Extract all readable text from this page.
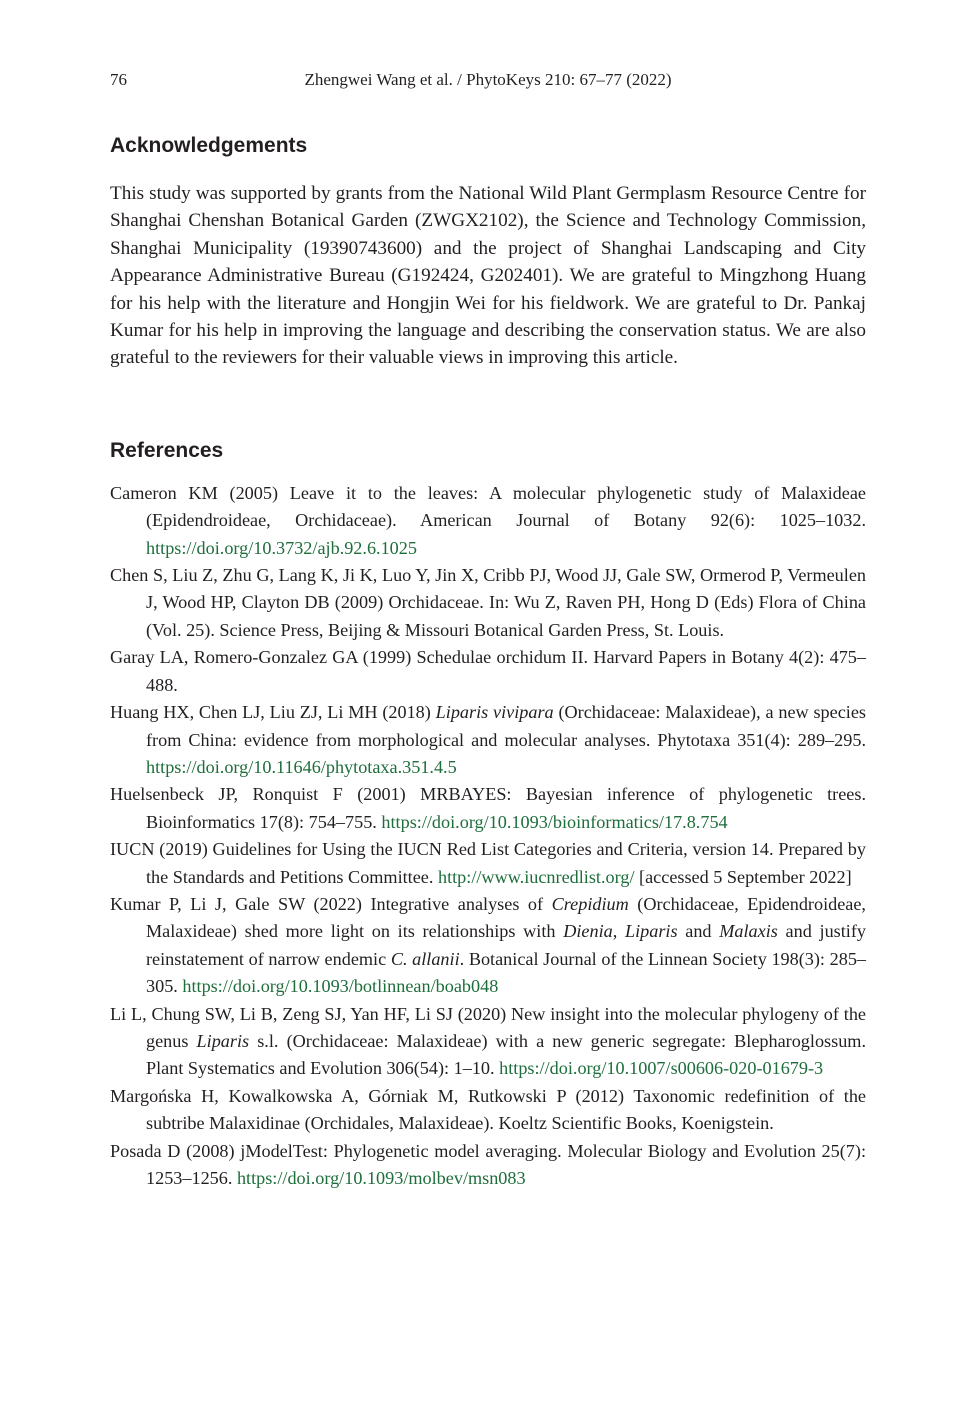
76	Zhengwei Wang et al. / PhytoKeys 210: 67–77 (2022)
Acknowledgements

This study was supported by grants from the National Wild Plant Germplasm Resource Centre for Shanghai Chenshan Botanical Garden (ZWGX2102), the Science and Technology Commission, Shanghai Municipality (19390743600) and the project of Shanghai Landscaping and City Appearance Administrative Bureau (G192424, G202401). We are grateful to Mingzhong Huang for his help with the literature and Hongjin Wei for his fieldwork. We are grateful to Dr. Pankaj Kumar for his help in improving the language and describing the conservation status. We are also grateful to the reviewers for their valuable views in improving this article.

References
Cameron KM (2005) Leave it to the leaves: A molecular phylogenetic study of Malaxideae (Epidendroideae, Orchidaceae). American Journal of Botany 92(6): 1025–1032. https://doi.org/10.3732/ajb.92.6.1025
Chen S, Liu Z, Zhu G, Lang K, Ji K, Luo Y, Jin X, Cribb PJ, Wood JJ, Gale SW, Ormerod P, Vermeulen J, Wood HP, Clayton DB (2009) Orchidaceae. In: Wu Z, Raven PH, Hong D (Eds) Flora of China (Vol. 25). Science Press, Beijing & Missouri Botanical Garden Press, St. Louis.
Garay LA, Romero-Gonzalez GA (1999) Schedulae orchidum II. Harvard Papers in Botany 4(2): 475–488.
Huang HX, Chen LJ, Liu ZJ, Li MH (2018) Liparis vivipara (Orchidaceae: Malaxideae), a new species from China: evidence from morphological and molecular analyses. Phytotaxa 351(4): 289–295. https://doi.org/10.11646/phytotaxa.351.4.5
Huelsenbeck JP, Ronquist F (2001) MRBAYES: Bayesian inference of phylogenetic trees. Bioinformatics 17(8): 754–755. https://doi.org/10.1093/bioinformatics/17.8.754
IUCN (2019) Guidelines for Using the IUCN Red List Categories and Criteria, version 14. Prepared by the Standards and Petitions Committee. http://www.iucnredlist.org/ [accessed 5 September 2022]
Kumar P, Li J, Gale SW (2022) Integrative analyses of Crepidium (Orchidaceae, Epidendroideae, Malaxideae) shed more light on its relationships with Dienia, Liparis and Malaxis and justify reinstatement of narrow endemic C. allanii. Botanical Journal of the Linnean Society 198(3): 285–305. https://doi.org/10.1093/botlinnean/boab048
Li L, Chung SW, Li B, Zeng SJ, Yan HF, Li SJ (2020) New insight into the molecular phylogeny of the genus Liparis s.l. (Orchidaceae: Malaxideae) with a new generic segregate: Blepharoglossum. Plant Systematics and Evolution 306(54): 1–10. https://doi.org/10.1007/s00606-020-01679-3
Margońska H, Kowalkowska A, Górniak M, Rutkowski P (2012) Taxonomic redefinition of the subtribe Malaxidinae (Orchidales, Malaxideae). Koeltz Scientific Books, Koenigstein.
Posada D (2008) jModelTest: Phylogenetic model averaging. Molecular Biology and Evolution 25(7): 1253–1256. https://doi.org/10.1093/molbev/msn083
